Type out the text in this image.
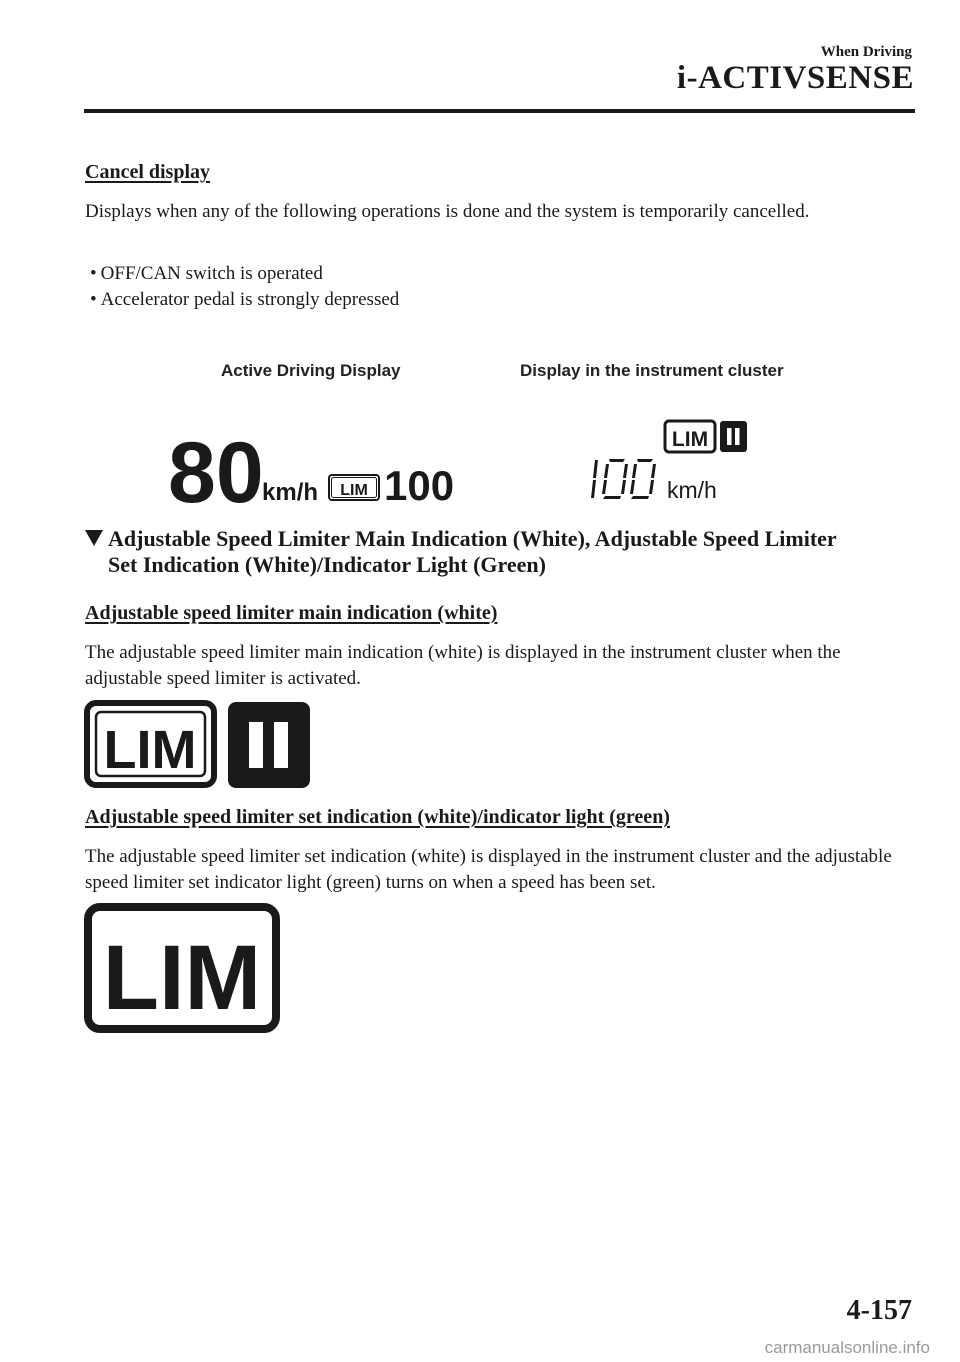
When Driving
i-ACTIVSENSE
Cancel display
Displays when any of the following operations is done and the system is temporarily cancelled.
• OFF/CAN switch is operated
• Accelerator pedal is strongly depressed
Active Driving Display	Display in the instrument cluster
80
km/h LIM 100
LIM
km/h
Adjustable Speed Limiter Main Indication (White), Adjustable Speed Limiter
Set Indication (White)/Indicator Light (Green)
Adjustable speed limiter main indication (white)
The adjustable speed limiter main indication (white) is displayed in the instrument cluster when the adjustable speed limiter is activated.
LIM
Adjustable speed limiter set indication (white)/indicator light (green)
The adjustable speed limiter set indication (white) is displayed in the instrument cluster and the adjustable speed limiter set indicator light (green) turns on when a speed has been set.
LIM
4-157
carmanualsonline.info
